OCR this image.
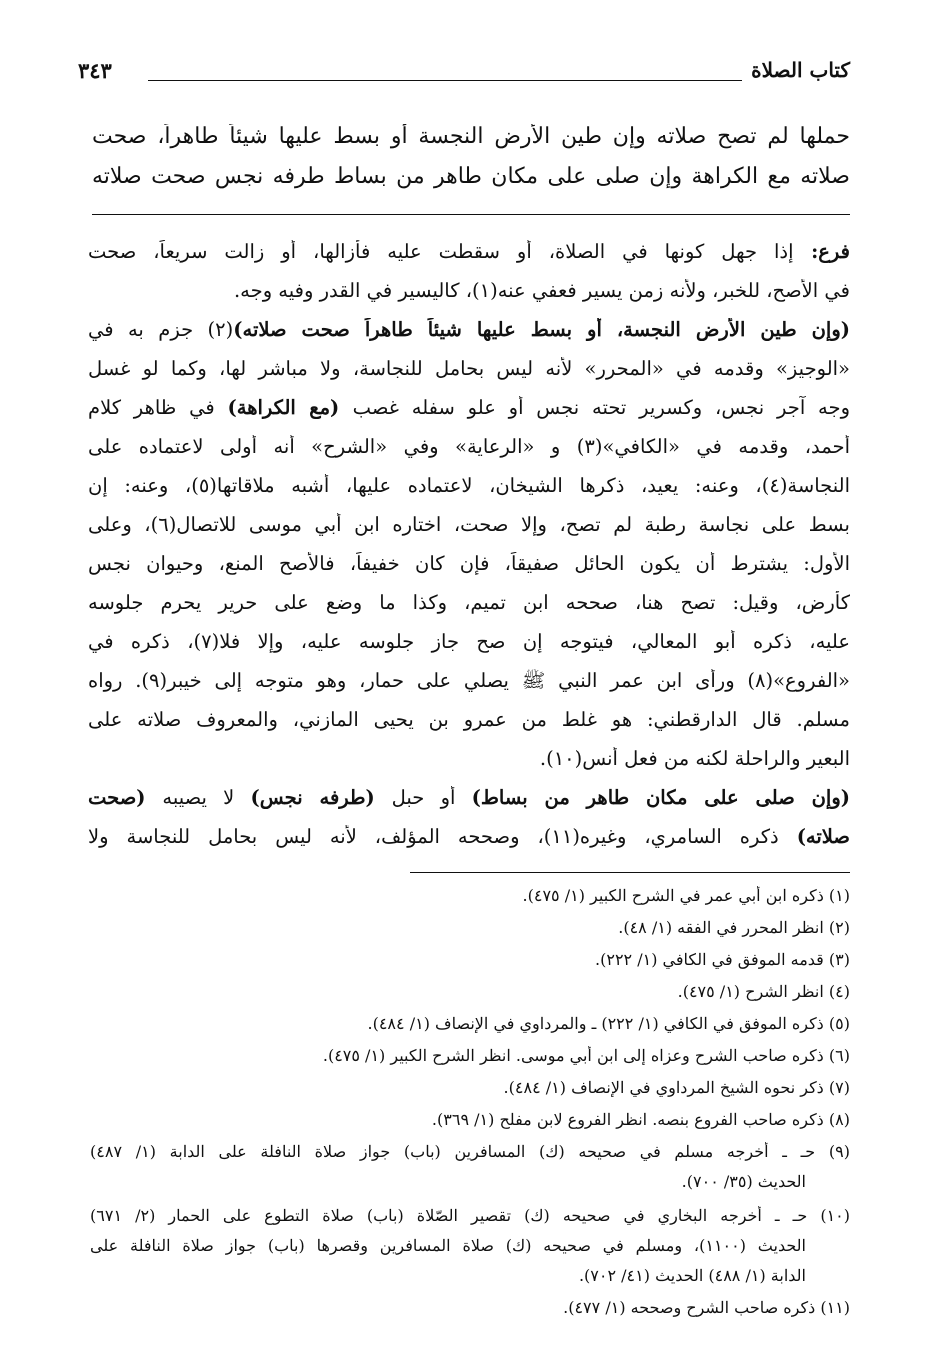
كتاب الصلاة
٣٤٣
حملها لم تصح صلاته وإن طين الأرض النجسة أو بسط عليها شيئاً طاهراً، صحت
صلاته مع الكراهة وإن صلى على مكان طاهر من بساط طرفه نجس صحت صلاته
فرع: إذا جهل كونها في الصلاة، أو سقطت عليه فأزالها، أو زالت سريعاً، صحت
في الأصح، للخبر، ولأنه زمن يسير فعفي عنه(١)، كاليسير في القدر وفيه وجه.
(وإن طين الأرض النجسة، أو بسط عليها شيئاً طاهراً صحت صلاته)(٢) جزم به في
«الوجيز» وقدمه في «المحرر» لأنه ليس بحامل للنجاسة، ولا مباشر لها، وكما لو غسل
وجه آجر نجس، وكسرير تحته نجس أو علو سفله غصب (مع الكراهة) في ظاهر كلام
أحمد، وقدمه في «الكافي»(٣) و «الرعاية» وفي «الشرح» أنه أولى لاعتماده على
النجاسة(٤)، وعنه: يعيد، ذكرها الشيخان، لاعتماده عليها، أشبه ملاقاتها(٥)، وعنه: إن
بسط على نجاسة رطبة لم تصح، وإلا صحت، اختاره ابن أبي موسى للاتصال(٦)، وعلى
الأول: يشترط أن يكون الحائل صفيقاً، فإن كان خفيفاً، فالأصح المنع، وحيوان نجس
كأرض، وقيل: تصح هنا، صححه ابن تميم، وكذا ما وضع على حرير يحرم جلوسه
عليه، ذكره أبو المعالي، فيتوجه إن صح جاز جلوسه عليه، وإلا فلا(٧)، ذكره في
«الفروع»(٨) ورأى ابن عمر النبي ﷺ يصلي على حمار، وهو متوجه إلى خيبر(٩). رواه
مسلم. قال الدارقطني: هو غلط من عمرو بن يحيى المازني، والمعروف صلاته على
البعير والراحلة لكنه من فعل أنس(١٠).
(وإن صلى على مكان طاهر من بساط) أو حبل (طرفه نجس) لا يصيبه (صحت
صلاته) ذكره السامري، وغيره(١١)، وصححه المؤلف، لأنه ليس بحامل للنجاسة ولا
(١) ذكره ابن أبي عمر في الشرح الكبير (١/ ٤٧٥).
(٢) انظر المحرر في الفقه (١/ ٤٨).
(٣) قدمه الموفق في الكافي (١/ ٢٢٢).
(٤) انظر الشرح (١/ ٤٧٥).
(٥) ذكره الموفق في الكافي (١/ ٢٢٢) ـ والمرداوي في الإنصاف (١/ ٤٨٤).
(٦) ذكره صاحب الشرح وعزاه إلى ابن أبي موسى. انظر الشرح الكبير (١/ ٤٧٥).
(٧) ذكر نحوه الشيخ المرداوي في الإنصاف (١/ ٤٨٤).
(٨) ذكره صاحب الفروع بنصه. انظر الفروع لابن مفلح (١/ ٣٦٩).
(٩) حـ ـ أخرجه مسلم في صحيحه (ك) المسافرين (باب) جواز صلاة النافلة على الدابة (١/ ٤٨٧)
الحديث (٣٥/ ٧٠٠).
(١٠) حـ ـ أخرجه البخاري في صحيحه (ك) تقصير الصّلاة (باب) صلاة التطوع على الحمار (٢/ ٦٧١)
الحديث (١١٠٠)، ومسلم في صحيحه (ك) صلاة المسافرين وقصرها (باب) جواز صلاة النافلة على
الدابة (١/ ٤٨٨) الحديث (٤١/ ٧٠٢).
(١١) ذكره صاحب الشرح وصححه (١/ ٤٧٧).
